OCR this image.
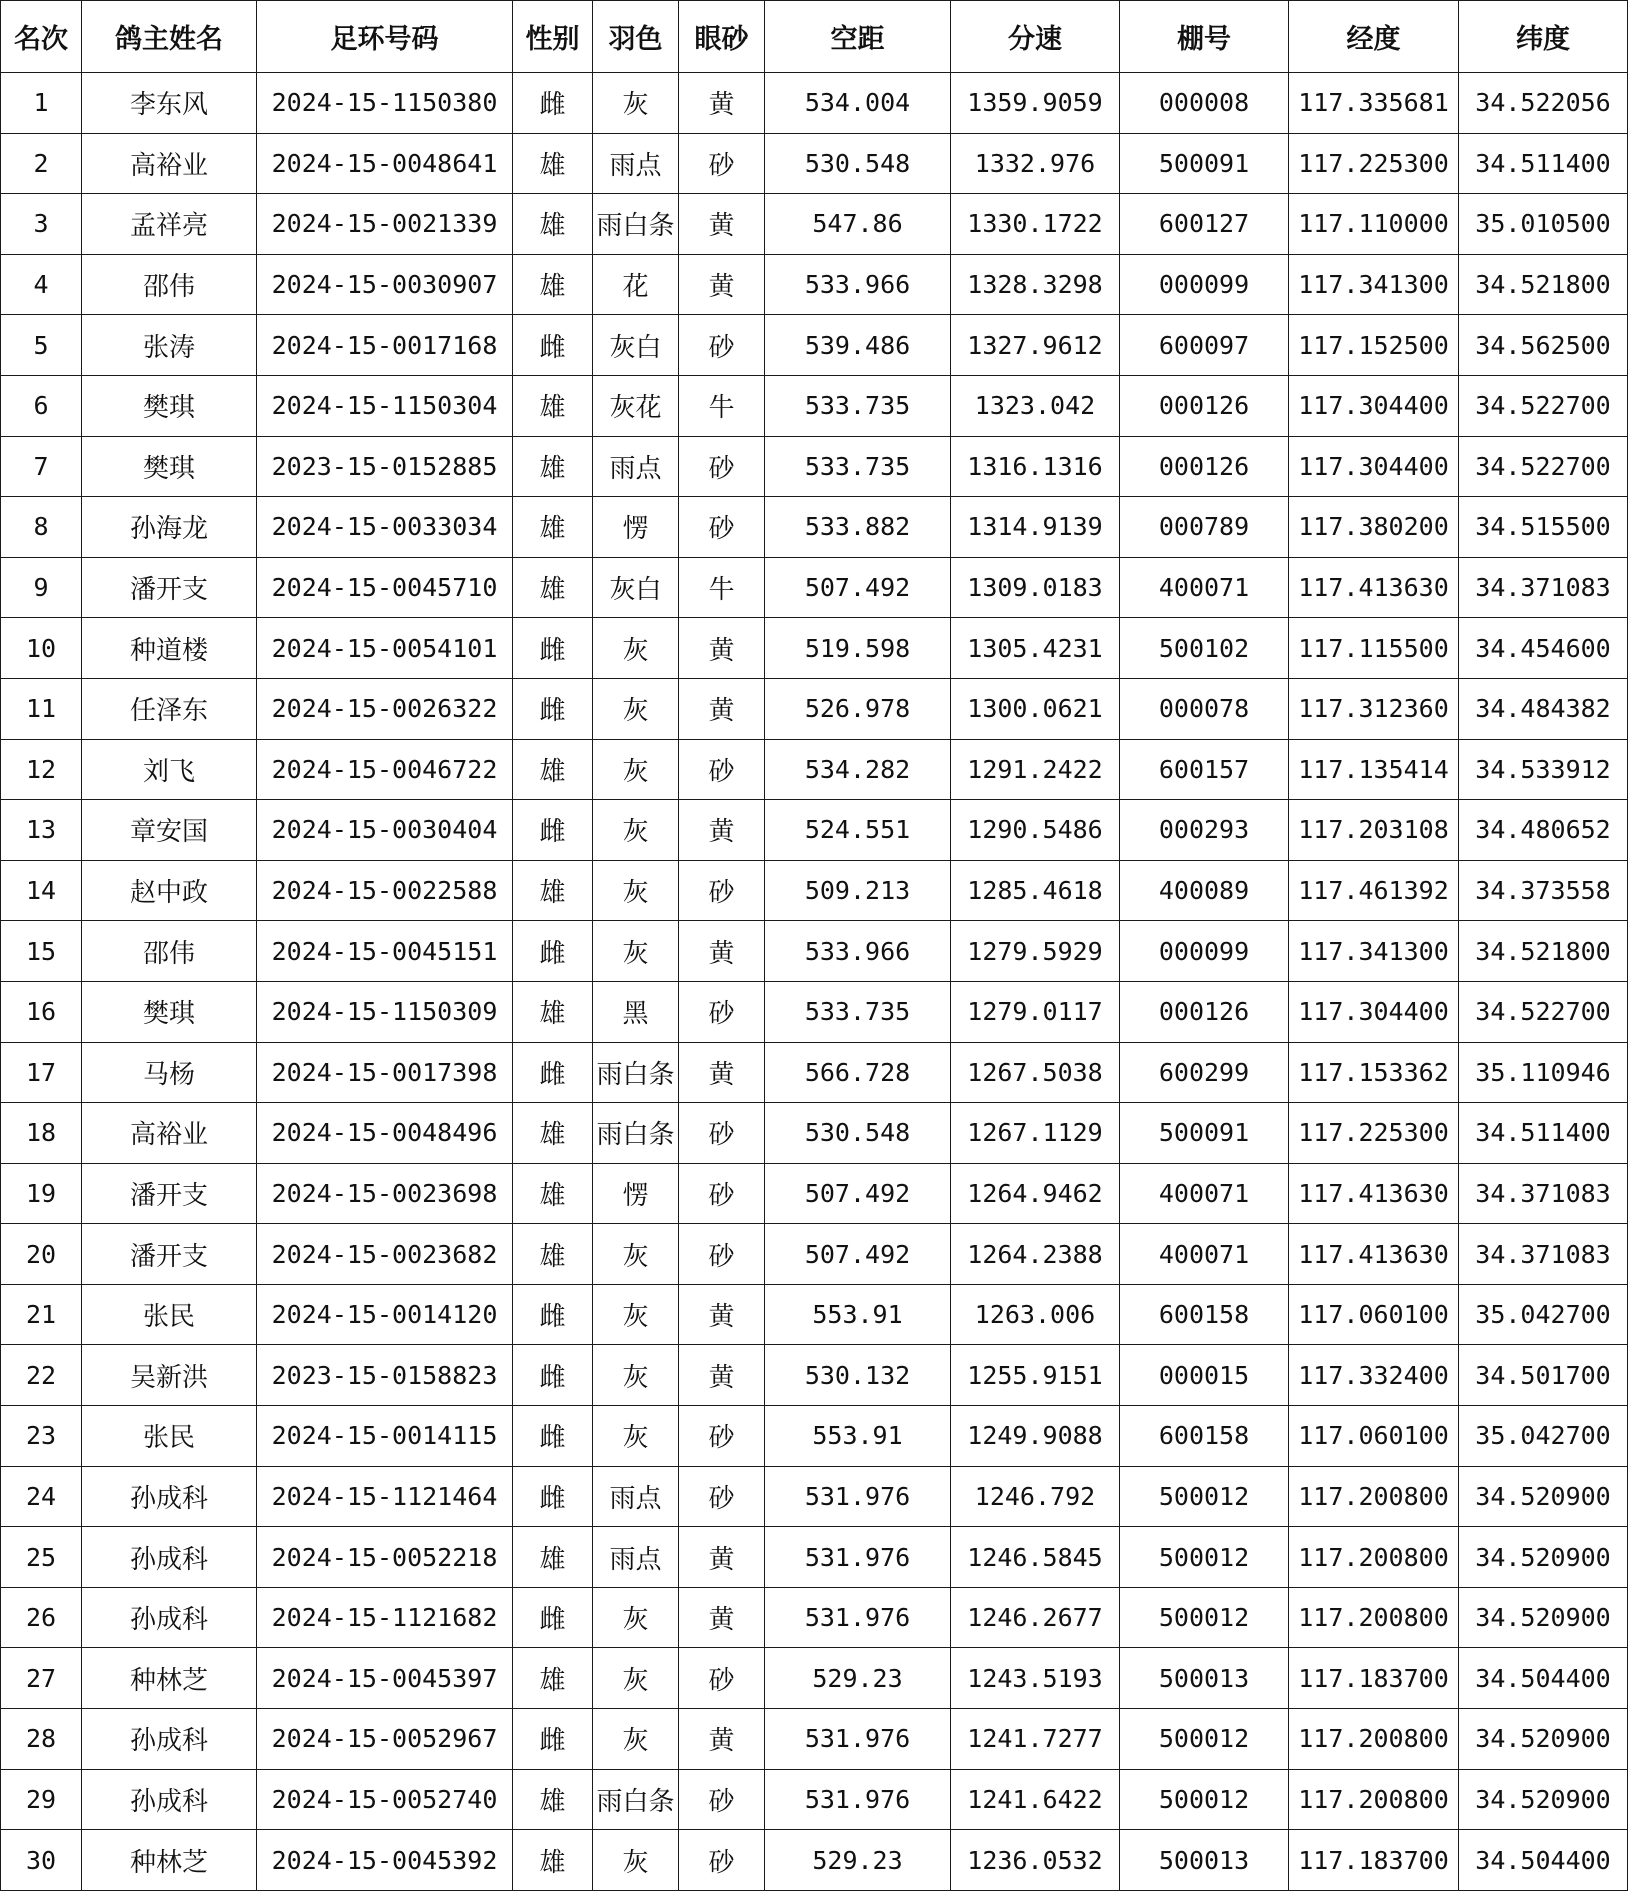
名次	鸽主姓名	足环号码	性别	羽色	眼砂	空距	分速	棚号	经度	纬度
1	李东风	2024-15-1150380	雌	灰	黄	534.004	1359.9059	000008	117.335681	34.522056
2	高裕业	2024-15-0048641	雄	雨点	砂	530.548	1332.976	500091	117.225300	34.511400
3	孟祥亮	2024-15-0021339	雄	雨白条	黄	547.86	1330.1722	600127	117.110000	35.010500
4	邵伟	2024-15-0030907	雄	花	黄	533.966	1328.3298	000099	117.341300	34.521800
5	张涛	2024-15-0017168	雌	灰白	砂	539.486	1327.9612	600097	117.152500	34.562500
6	樊琪	2024-15-1150304	雄	灰花	牛	533.735	1323.042	000126	117.304400	34.522700
7	樊琪	2023-15-0152885	雄	雨点	砂	533.735	1316.1316	000126	117.304400	34.522700
8	孙海龙	2024-15-0033034	雄	愣	砂	533.882	1314.9139	000789	117.380200	34.515500
9	潘开支	2024-15-0045710	雄	灰白	牛	507.492	1309.0183	400071	117.413630	34.371083
10	种道楼	2024-15-0054101	雌	灰	黄	519.598	1305.4231	500102	117.115500	34.454600
11	任泽东	2024-15-0026322	雌	灰	黄	526.978	1300.0621	000078	117.312360	34.484382
12	刘飞	2024-15-0046722	雄	灰	砂	534.282	1291.2422	600157	117.135414	34.533912
13	章安国	2024-15-0030404	雌	灰	黄	524.551	1290.5486	000293	117.203108	34.480652
14	赵中政	2024-15-0022588	雄	灰	砂	509.213	1285.4618	400089	117.461392	34.373558
15	邵伟	2024-15-0045151	雌	灰	黄	533.966	1279.5929	000099	117.341300	34.521800
16	樊琪	2024-15-1150309	雄	黑	砂	533.735	1279.0117	000126	117.304400	34.522700
17	马杨	2024-15-0017398	雌	雨白条	黄	566.728	1267.5038	600299	117.153362	35.110946
18	高裕业	2024-15-0048496	雄	雨白条	砂	530.548	1267.1129	500091	117.225300	34.511400
19	潘开支	2024-15-0023698	雄	愣	砂	507.492	1264.9462	400071	117.413630	34.371083
20	潘开支	2024-15-0023682	雄	灰	砂	507.492	1264.2388	400071	117.413630	34.371083
21	张民	2024-15-0014120	雌	灰	黄	553.91	1263.006	600158	117.060100	35.042700
22	吴新洪	2023-15-0158823	雌	灰	黄	530.132	1255.9151	000015	117.332400	34.501700
23	张民	2024-15-0014115	雌	灰	砂	553.91	1249.9088	600158	117.060100	35.042700
24	孙成科	2024-15-1121464	雌	雨点	砂	531.976	1246.792	500012	117.200800	34.520900
25	孙成科	2024-15-0052218	雄	雨点	黄	531.976	1246.5845	500012	117.200800	34.520900
26	孙成科	2024-15-1121682	雌	灰	黄	531.976	1246.2677	500012	117.200800	34.520900
27	种林芝	2024-15-0045397	雄	灰	砂	529.23	1243.5193	500013	117.183700	34.504400
28	孙成科	2024-15-0052967	雌	灰	黄	531.976	1241.7277	500012	117.200800	34.520900
29	孙成科	2024-15-0052740	雄	雨白条	砂	531.976	1241.6422	500012	117.200800	34.520900
30	种林芝	2024-15-0045392	雄	灰	砂	529.23	1236.0532	500013	117.183700	34.504400
